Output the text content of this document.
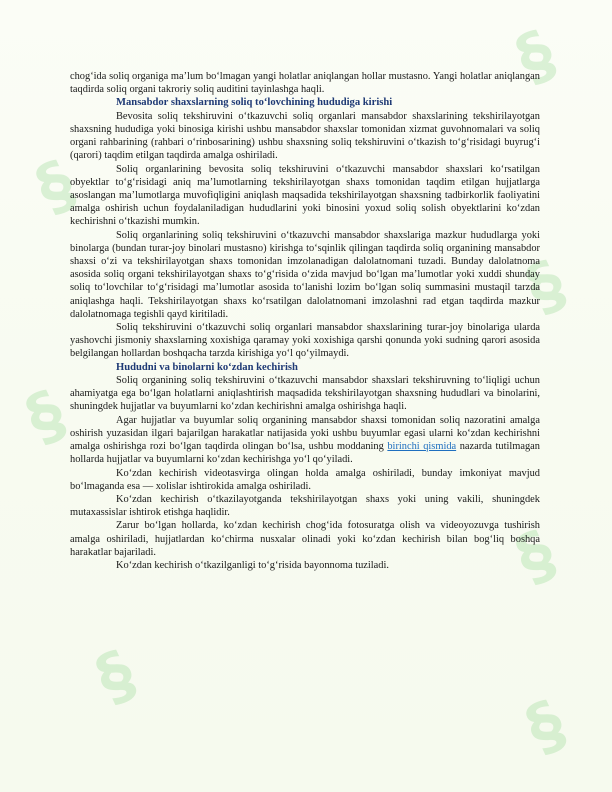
§
§
§
§
§
§
§

chog‘ida soliq organiga ma’lum bo‘lmagan yangi holatlar aniqlangan hollar mustasno. Yangi holatlar aniqlangan taqdirda soliq organi takroriy soliq auditini tayinlashga haqli.

Mansabdor shaxslarning soliq to‘lovchining hududiga kirishi

Bevosita soliq tekshiruvini o‘tkazuvchi soliq organlari mansabdor shaxslarining tekshirilayotgan shaxsning hududiga yoki binosiga kirishi ushbu mansabdor shaxslar tomonidan xizmat guvohnomalari va soliq organi rahbarining (rahbari o‘rinbosarining) ushbu shaxsning soliq tekshiruvini o‘tkazish to‘g‘risidagi buyrug‘i (qarori) taqdim etilgan taqdirda amalga oshiriladi.

Soliq organlarining bevosita soliq tekshiruvini o‘tkazuvchi mansabdor shaxslari ko‘rsatilgan obyektlar to‘g‘risidagi aniq ma’lumotlarning tekshirilayotgan shaxs tomonidan taqdim etilgan hujjatlarga asoslangan ma’lumotlarga muvofiqligini aniqlash maqsadida tekshirilayotgan shaxsning tadbirkorlik faoliyatini amalga oshirish uchun foydalaniladigan hududlarini yoki binosini yoxud soliq solish obyektlarini ko‘zdan kechirishni o‘tkazishi mumkin.

Soliq organlarining soliq tekshiruvini o‘tkazuvchi mansabdor shaxslariga mazkur hududlarga yoki binolarga (bundan turar-joy binolari mustasno) kirishga to‘sqinlik qilingan taqdirda soliq organining mansabdor shaxsi o‘zi va tekshirilayotgan shaxs tomonidan imzolanadigan dalolatnomani tuzadi. Bunday dalolatnoma asosida soliq organi tekshirilayotgan shaxs to‘g‘risida o‘zida mavjud bo‘lgan ma’lumotlar yoki xuddi shunday soliq to‘lovchilar to‘g‘risidagi ma’lumotlar asosida to‘lanishi lozim bo‘lgan soliq summasini mustaqil tarzda aniqlashga haqli. Tekshirilayotgan shaxs ko‘rsatilgan dalolatnomani imzolashni rad etgan taqdirda mazkur dalolatnomaga tegishli qayd kiritiladi.

Soliq tekshiruvini o‘tkazuvchi soliq organlari mansabdor shaxslarining turar-joy binolariga ularda yashovchi jismoniy shaxslarning xoxishiga qaramay yoki xoxishiga qarshi qonunda yoki sudning qarori asosida belgilangan hollardan boshqacha tarzda kirishiga yo‘l qo‘yilmaydi.

Hududni va binolarni ko‘zdan kechirish

Soliq organining soliq tekshiruvini o‘tkazuvchi mansabdor shaxslari tekshiruvning to‘liqligi uchun ahamiyatga ega bo‘lgan holatlarni aniqlashtirish maqsadida tekshirilayotgan shaxsning hududlari va binolarini, shuningdek hujjatlar va buyumlarni ko‘zdan kechirishni amalga oshirishga haqli.

Agar hujjatlar va buyumlar soliq organining mansabdor shaxsi tomonidan soliq nazoratini amalga oshirish yuzasidan ilgari bajarilgan harakatlar natijasida yoki ushbu buyumlar egasi ularni ko‘zdan kechirishni amalga oshirishga rozi bo‘lgan taqdirda olingan bo‘lsa, ushbu moddaning birinchi qismida nazarda tutilmagan hollarda hujjatlar va buyumlarni ko‘zdan kechirishga yo‘l qo‘yiladi.

Ko‘zdan kechirish videotasvirga olingan holda amalga oshiriladi, bunday imkoniyat mavjud bo‘lmaganda esa — xolislar ishtirokida amalga oshiriladi.

Ko‘zdan kechirish o‘tkazilayotganda tekshirilayotgan shaxs yoki uning vakili, shuningdek mutaxassislar ishtirok etishga haqlidir.

Zarur bo‘lgan hollarda, ko‘zdan kechirish chog‘ida fotosuratga olish va videoyozuvga tushirish amalga oshiriladi, hujjatlardan ko‘chirma nusxalar olinadi yoki ko‘zdan kechirish bilan bog‘liq boshqa harakatlar bajariladi.

Ko‘zdan kechirish o‘tkazilganligi to‘g‘risida bayonnoma tuziladi.
